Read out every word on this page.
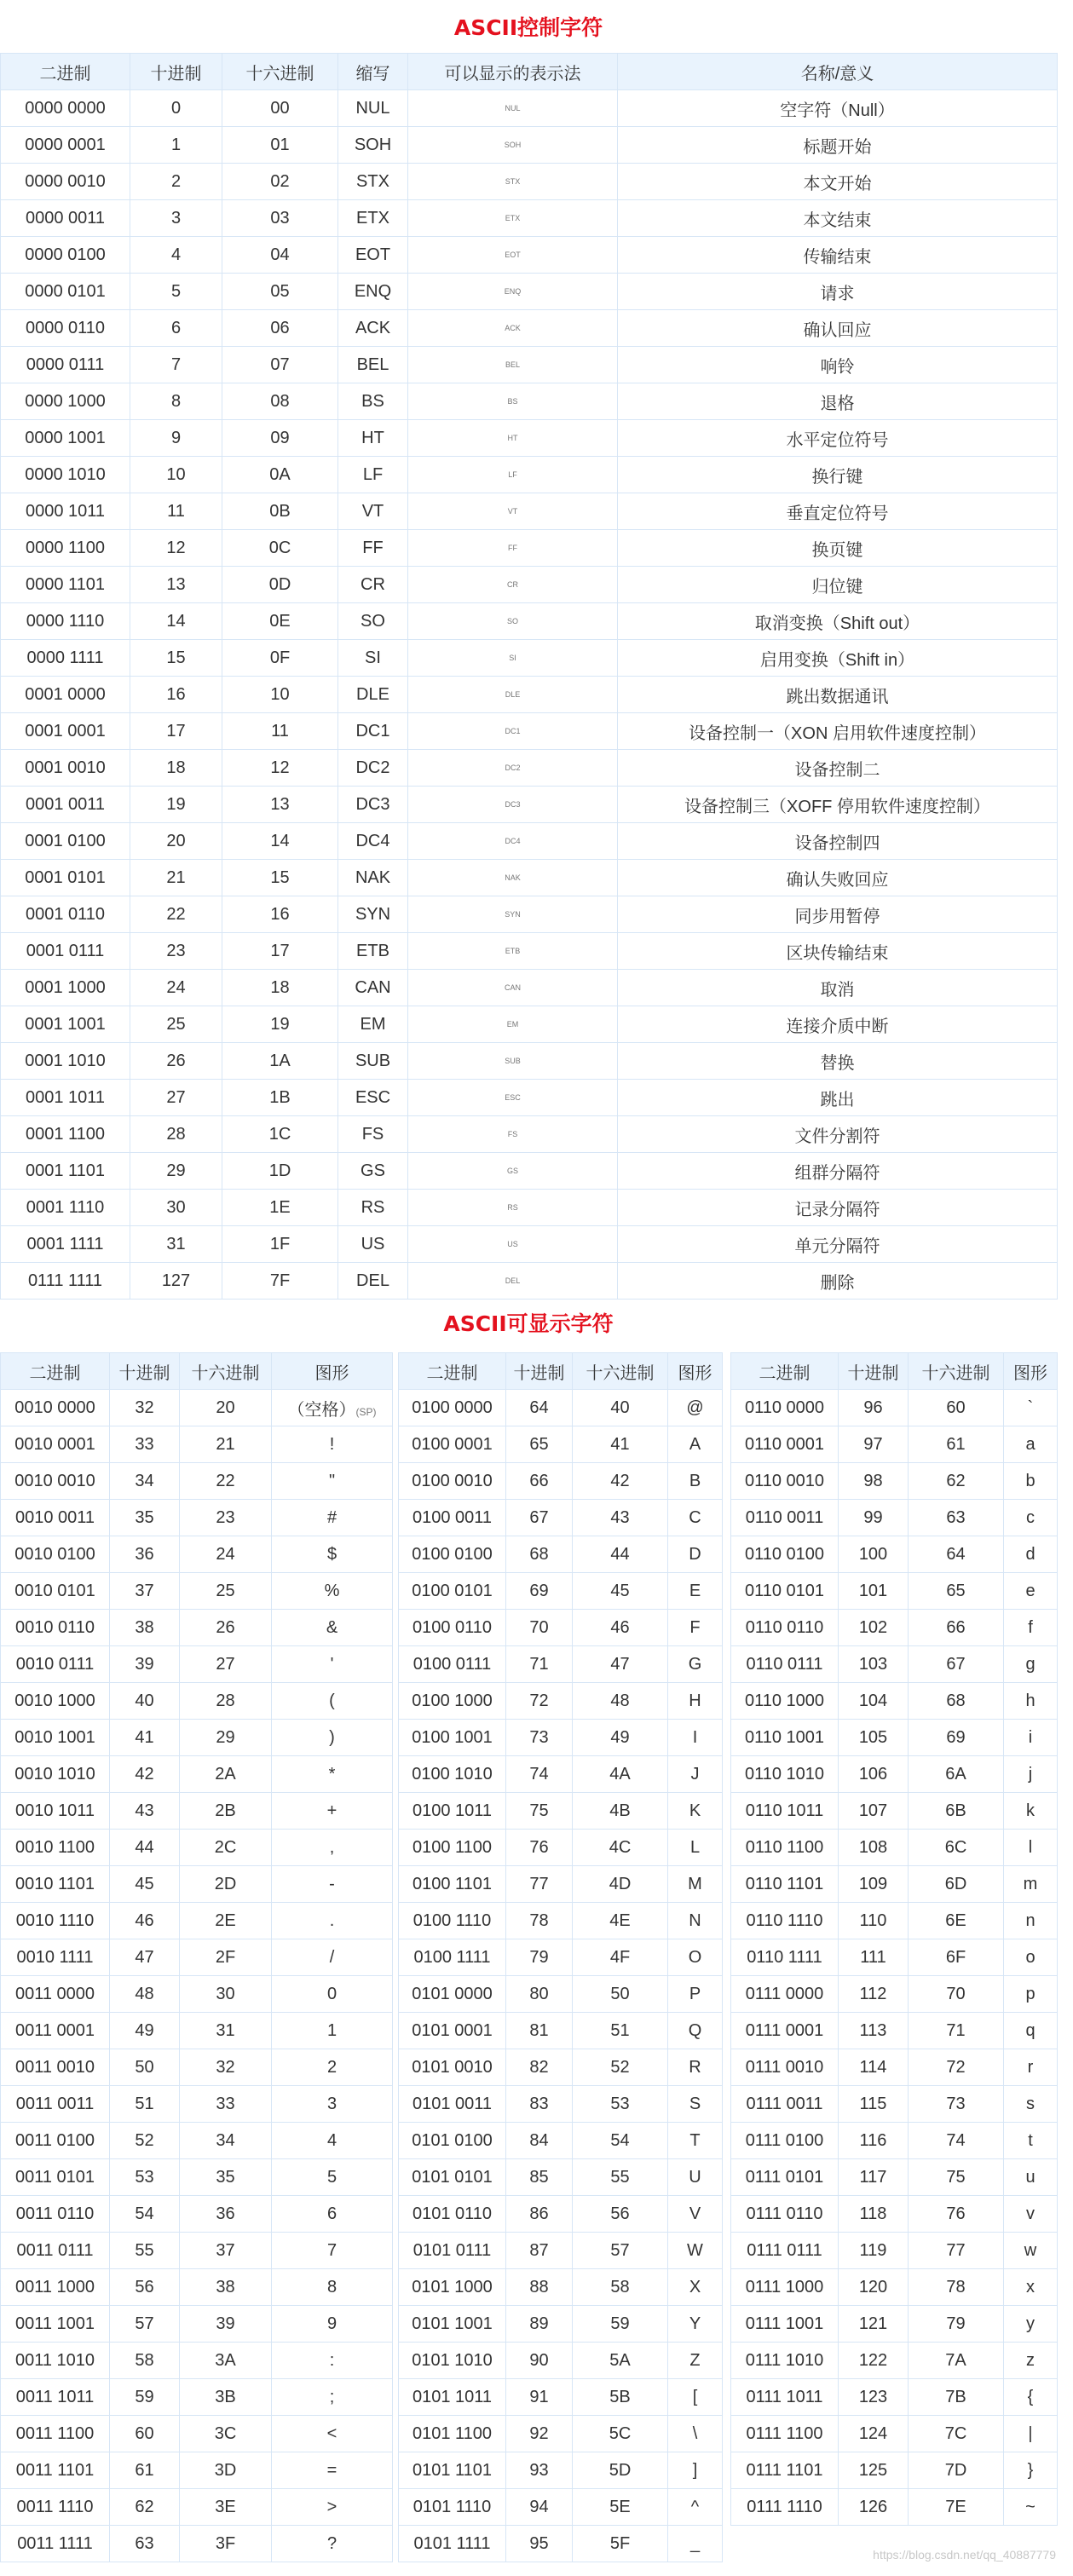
ASCII控制字符
二进制	十进制	十六进制	缩写	可以显示的表示法	名称/意义
0000 0000	0	00	NUL	NUL	空字符（Null）
0000 0001	1	01	SOH	SOH	标题开始
0000 0010	2	02	STX	STX	本文开始
0000 0011	3	03	ETX	ETX	本文结束
0000 0100	4	04	EOT	EOT	传输结束
0000 0101	5	05	ENQ	ENQ	请求
0000 0110	6	06	ACK	ACK	确认回应
0000 0111	7	07	BEL	BEL	响铃
0000 1000	8	08	BS	BS	退格
0000 1001	9	09	HT	HT	水平定位符号
0000 1010	10	0A	LF	LF	换行键
0000 1011	11	0B	VT	VT	垂直定位符号
0000 1100	12	0C	FF	FF	换页键
0000 1101	13	0D	CR	CR	归位键
0000 1110	14	0E	SO	SO	取消变换（Shift out）
0000 1111	15	0F	SI	SI	启用变换（Shift in）
0001 0000	16	10	DLE	DLE	跳出数据通讯
0001 0001	17	11	DC1	DC1	设备控制一（XON 启用软件速度控制）
0001 0010	18	12	DC2	DC2	设备控制二
0001 0011	19	13	DC3	DC3	设备控制三（XOFF 停用软件速度控制）
0001 0100	20	14	DC4	DC4	设备控制四
0001 0101	21	15	NAK	NAK	确认失败回应
0001 0110	22	16	SYN	SYN	同步用暂停
0001 0111	23	17	ETB	ETB	区块传输结束
0001 1000	24	18	CAN	CAN	取消
0001 1001	25	19	EM	EM	连接介质中断
0001 1010	26	1A	SUB	SUB	替换
0001 1011	27	1B	ESC	ESC	跳出
0001 1100	28	1C	FS	FS	文件分割符
0001 1101	29	1D	GS	GS	组群分隔符
0001 1110	30	1E	RS	RS	记录分隔符
0001 1111	31	1F	US	US	单元分隔符
0111 1111	127	7F	DEL	DEL	删除
ASCII可显示字符
二进制	十进制	十六进制	图形
0010 0000	32	20	（空格）(SP)
0010 0001	33	21	!
0010 0010	34	22	"
0010 0011	35	23	#
0010 0100	36	24	$
0010 0101	37	25	%
0010 0110	38	26	&
0010 0111	39	27	'
0010 1000	40	28	(
0010 1001	41	29	)
0010 1010	42	2A	*
0010 1011	43	2B	+
0010 1100	44	2C	,
0010 1101	45	2D	-
0010 1110	46	2E	.
0010 1111	47	2F	/
0011 0000	48	30	0
0011 0001	49	31	1
0011 0010	50	32	2
0011 0011	51	33	3
0011 0100	52	34	4
0011 0101	53	35	5
0011 0110	54	36	6
0011 0111	55	37	7
0011 1000	56	38	8
0011 1001	57	39	9
0011 1010	58	3A	:
0011 1011	59	3B	;
0011 1100	60	3C	<
0011 1101	61	3D	=
0011 1110	62	3E	>
0011 1111	63	3F	?
二进制	十进制	十六进制	图形
0100 0000	64	40	@
0100 0001	65	41	A
0100 0010	66	42	B
0100 0011	67	43	C
0100 0100	68	44	D
0100 0101	69	45	E
0100 0110	70	46	F
0100 0111	71	47	G
0100 1000	72	48	H
0100 1001	73	49	I
0100 1010	74	4A	J
0100 1011	75	4B	K
0100 1100	76	4C	L
0100 1101	77	4D	M
0100 1110	78	4E	N
0100 1111	79	4F	O
0101 0000	80	50	P
0101 0001	81	51	Q
0101 0010	82	52	R
0101 0011	83	53	S
0101 0100	84	54	T
0101 0101	85	55	U
0101 0110	86	56	V
0101 0111	87	57	W
0101 1000	88	58	X
0101 1001	89	59	Y
0101 1010	90	5A	Z
0101 1011	91	5B	[
0101 1100	92	5C	\
0101 1101	93	5D	]
0101 1110	94	5E	^
0101 1111	95	5F	_
二进制	十进制	十六进制	图形
0110 0000	96	60	`
0110 0001	97	61	a
0110 0010	98	62	b
0110 0011	99	63	c
0110 0100	100	64	d
0110 0101	101	65	e
0110 0110	102	66	f
0110 0111	103	67	g
0110 1000	104	68	h
0110 1001	105	69	i
0110 1010	106	6A	j
0110 1011	107	6B	k
0110 1100	108	6C	l
0110 1101	109	6D	m
0110 1110	110	6E	n
0110 1111	111	6F	o
0111 0000	112	70	p
0111 0001	113	71	q
0111 0010	114	72	r
0111 0011	115	73	s
0111 0100	116	74	t
0111 0101	117	75	u
0111 0110	118	76	v
0111 0111	119	77	w
0111 1000	120	78	x
0111 1001	121	79	y
0111 1010	122	7A	z
0111 1011	123	7B	{
0111 1100	124	7C	|
0111 1101	125	7D	}
0111 1110	126	7E	~
https://blog.csdn.net/qq_40887779
